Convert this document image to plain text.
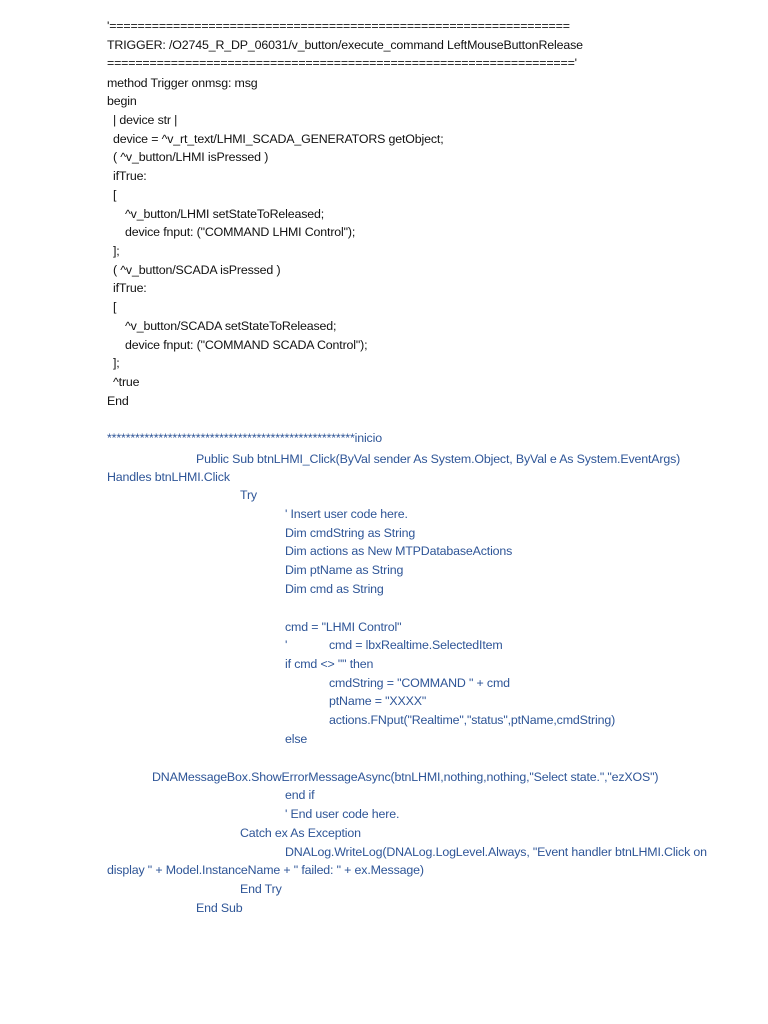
'=================================================================
TRIGGER: /O2745_R_DP_06031/v_button/execute_command LeftMouseButtonRelease
=================================================================='
method Trigger onmsg: msg
begin
| device str |
device = ^v_rt_text/LHMI_SCADA_GENERATORS getObject;
( ^v_button/LHMI isPressed )
ifTrue:
[
^v_button/LHMI setStateToReleased;
device fnput: ("COMMAND LHMI Control");
];
( ^v_button/SCADA isPressed )
ifTrue:
[
^v_button/SCADA setStateToReleased;
device fnput: ("COMMAND SCADA Control");
];
^true
End
*****************************************************inicio
Public Sub btnLHMI_Click(ByVal sender As System.Object, ByVal e As System.EventArgs)
Handles btnLHMI.Click
Try
' Insert user code here.
Dim cmdString as String
Dim actions as New MTPDatabaseActions
Dim ptName as String
Dim cmd as String
cmd = "LHMI Control"
'	cmd = lbxRealtime.SelectedItem
if cmd <> "" then
cmdString = "COMMAND " + cmd
ptName = "XXXX"
actions.FNput("Realtime","status",ptName,cmdString)
else
DNAMessageBox.ShowErrorMessageAsync(btnLHMI,nothing,nothing,"Select state.","ezXOS")
end if
' End user code here.
Catch ex As Exception
DNALog.WriteLog(DNALog.LogLevel.Always, "Event handler btnLHMI.Click on
display " + Model.InstanceName + " failed: " + ex.Message)
End Try
End Sub
